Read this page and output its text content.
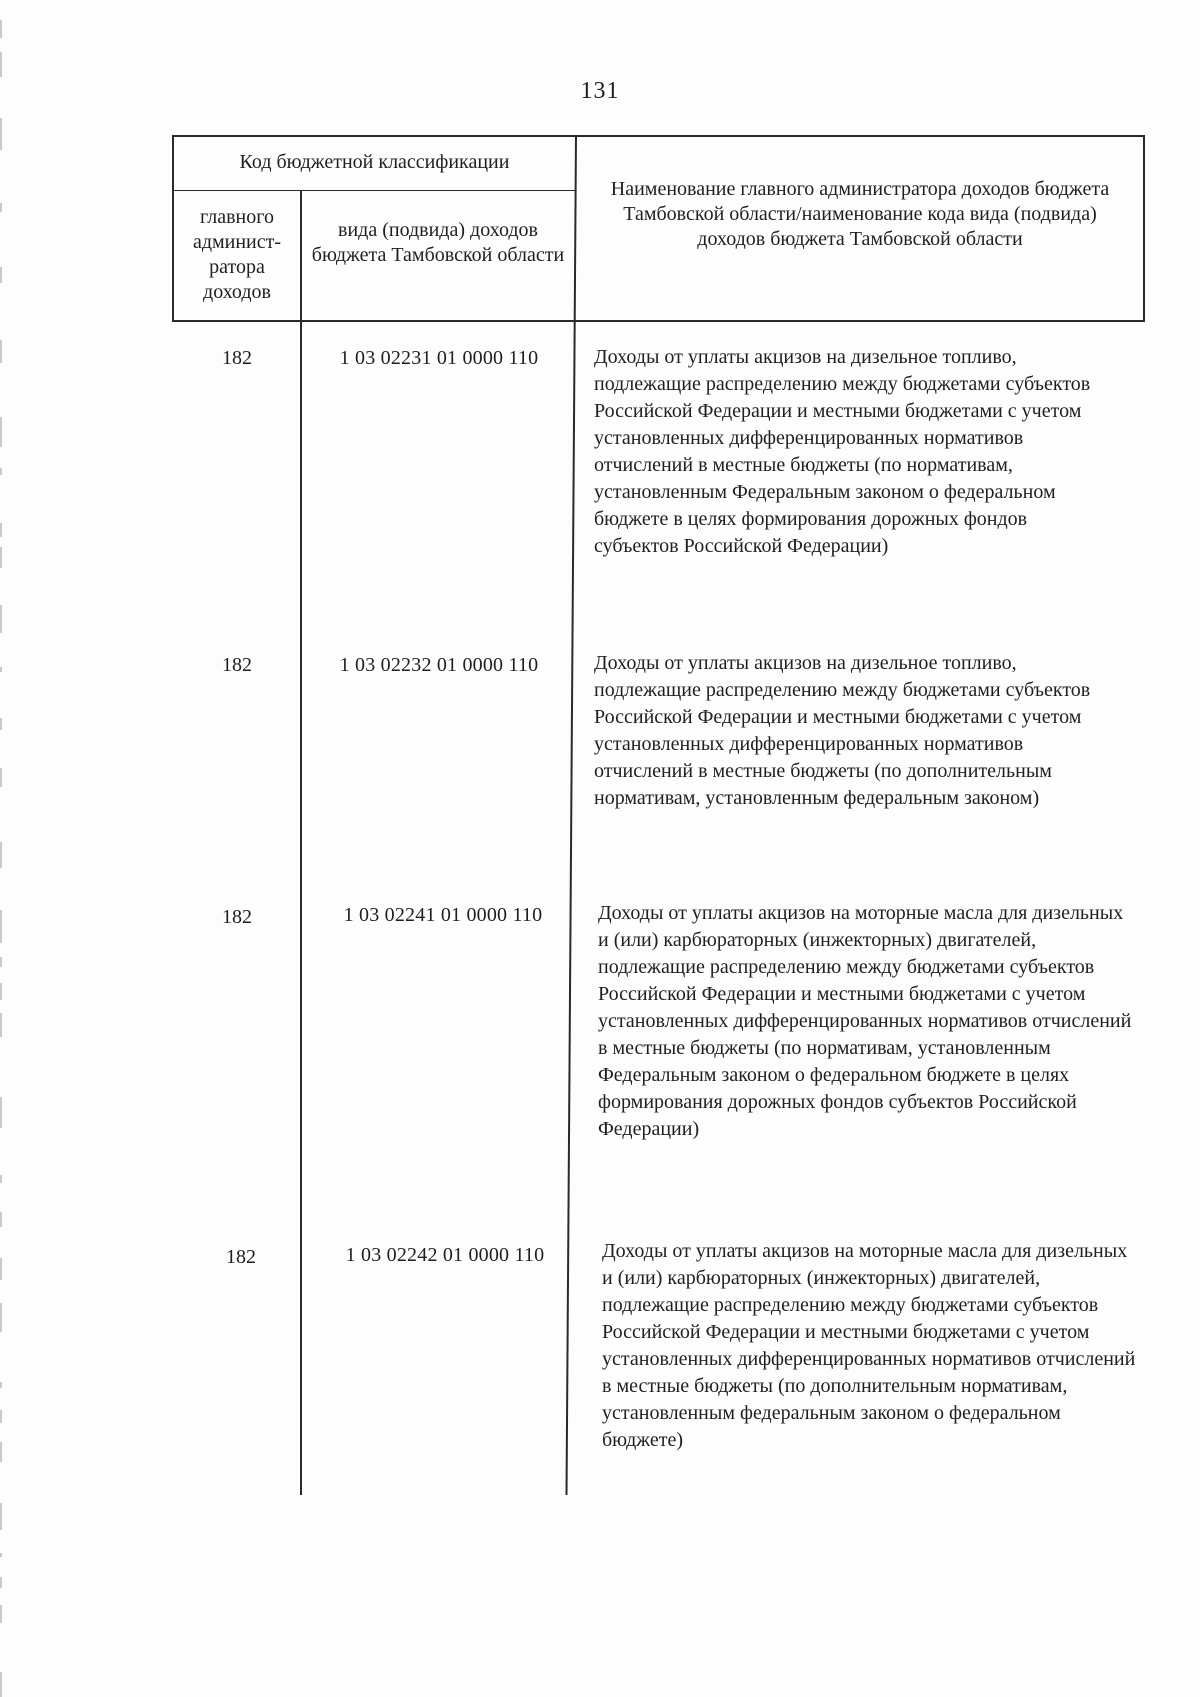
131
Код бюджетной классификации
главного админист-ратора доходов
вида (подвида) доходов бюджета Тамбовской области
Наименование главного администратора доходов бюджета Тамбовской области/наименование кода вида (подвида) доходов бюджета Тамбовской области
182	1 03 02231 01 0000 110	Доходы от уплаты акцизов на дизельное топливо, подлежащие распределению между бюджетами субъектов Российской Федерации и местными бюджетами с учетом установленных дифференцированных нормативов отчислений в местные бюджеты (по нормативам, установленным Федеральным законом о федеральном бюджете в целях формирования дорожных фондов субъектов Российской Федерации)
182	1 03 02232 01 0000 110	Доходы от уплаты акцизов на дизельное топливо, подлежащие распределению между бюджетами субъектов Российской Федерации и местными бюджетами с учетом установленных дифференцированных нормативов отчислений в местные бюджеты (по дополнительным нормативам, установленным федеральным законом)
182	1 03 02241 01 0000 110	Доходы от уплаты акцизов на моторные масла для дизельных и (или) карбюраторных (инжекторных) двигателей, подлежащие распределению между бюджетами субъектов Российской Федерации и местными бюджетами с учетом установленных дифференцированных нормативов отчислений в местные бюджеты (по нормативам, установленным Федеральным законом о федеральном бюджете в целях формирования дорожных фондов субъектов Российской Федерации)
182	1 03 02242 01 0000 110	Доходы от уплаты акцизов на моторные масла для дизельных и (или) карбюраторных (инжекторных) двигателей, подлежащие распределению между бюджетами субъектов Российской Федерации и местными бюджетами с учетом установленных дифференцированных нормативов отчислений в местные бюджеты (по дополнительным нормативам, установленным федеральным законом о федеральном бюджете)
